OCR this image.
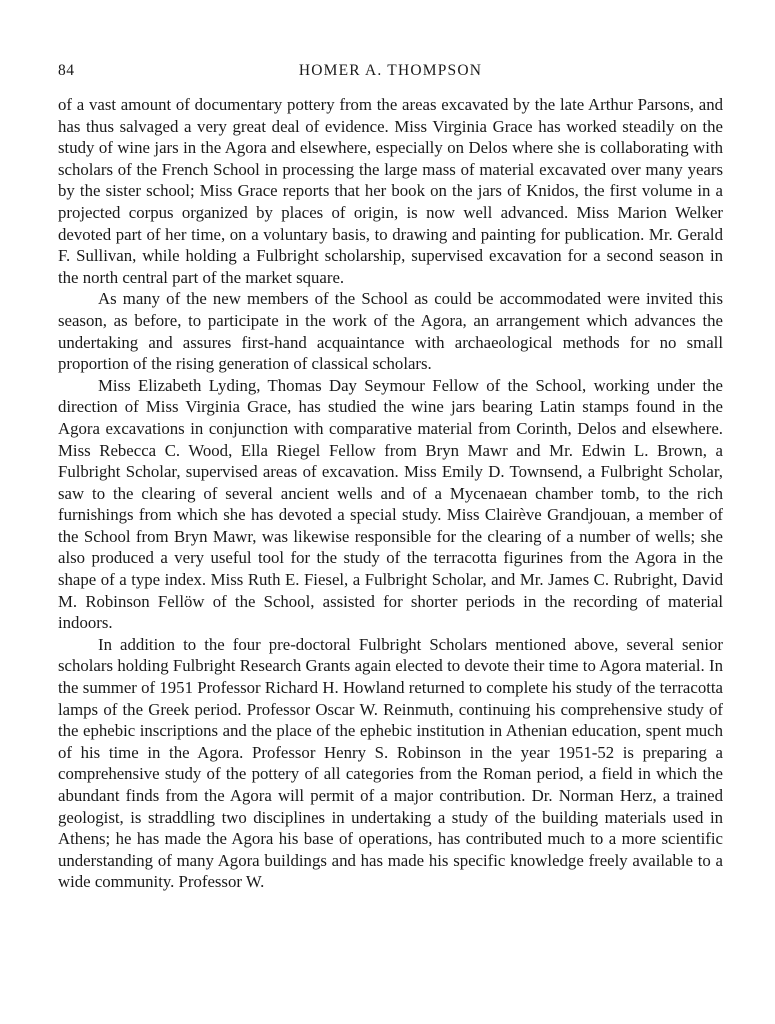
84	HOMER A. THOMPSON

of a vast amount of documentary pottery from the areas excavated by the late Arthur Parsons, and has thus salvaged a very great deal of evidence. Miss Virginia Grace has worked steadily on the study of wine jars in the Agora and elsewhere, especially on Delos where she is collaborating with scholars of the French School in processing the large mass of material excavated over many years by the sister school; Miss Grace reports that her book on the jars of Knidos, the first volume in a projected corpus organized by places of origin, is now well advanced. Miss Marion Welker devoted part of her time, on a voluntary basis, to drawing and painting for publication. Mr. Gerald F. Sullivan, while holding a Fulbright scholarship, supervised excavation for a second season in the north central part of the market square.

As many of the new members of the School as could be accommodated were invited this season, as before, to participate in the work of the Agora, an arrangement which advances the undertaking and assures first-hand acquaintance with archaeological methods for no small proportion of the rising generation of classical scholars.

Miss Elizabeth Lyding, Thomas Day Seymour Fellow of the School, working under the direction of Miss Virginia Grace, has studied the wine jars bearing Latin stamps found in the Agora excavations in conjunction with comparative material from Corinth, Delos and elsewhere. Miss Rebecca C. Wood, Ella Riegel Fellow from Bryn Mawr and Mr. Edwin L. Brown, a Fulbright Scholar, supervised areas of excavation. Miss Emily D. Townsend, a Fulbright Scholar, saw to the clearing of several ancient wells and of a Mycenaean chamber tomb, to the rich furnishings from which she has devoted a special study. Miss Clairève Grandjouan, a member of the School from Bryn Mawr, was likewise responsible for the clearing of a number of wells; she also produced a very useful tool for the study of the terracotta figurines from the Agora in the shape of a type index. Miss Ruth E. Fiesel, a Fulbright Scholar, and Mr. James C. Rubright, David M. Robinson Fellöw of the School, assisted for shorter periods in the recording of material indoors.

In addition to the four pre-doctoral Fulbright Scholars mentioned above, several senior scholars holding Fulbright Research Grants again elected to devote their time to Agora material. In the summer of 1951 Professor Richard H. Howland returned to complete his study of the terracotta lamps of the Greek period. Professor Oscar W. Reinmuth, continuing his comprehensive study of the ephebic inscriptions and the place of the ephebic institution in Athenian education, spent much of his time in the Agora. Professor Henry S. Robinson in the year 1951-52 is preparing a comprehensive study of the pottery of all categories from the Roman period, a field in which the abundant finds from the Agora will permit of a major contribution. Dr. Norman Herz, a trained geologist, is straddling two disciplines in undertaking a study of the building materials used in Athens; he has made the Agora his base of operations, has contributed much to a more scientific understanding of many Agora buildings and has made his specific knowledge freely available to a wide community. Professor W.
